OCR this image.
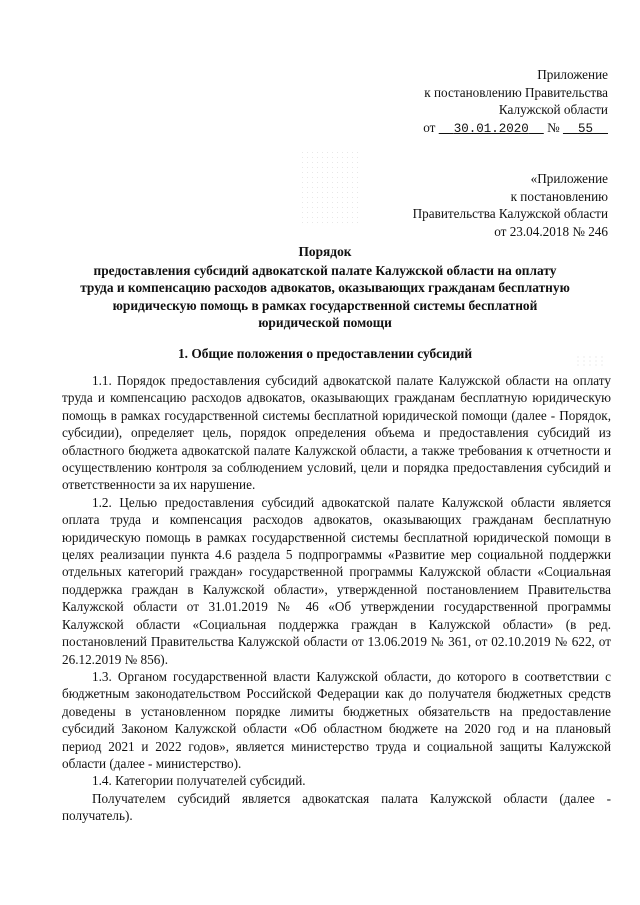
Приложение
к постановлению Правительства
Калужской области
от 30.01.2020 № 55
«Приложение
к постановлению
Правительства Калужской области
от 23.04.2018 № 246
Порядок
предоставления субсидий адвокатской палате Калужской области на оплату
труда и компенсацию расходов адвокатов, оказывающих гражданам бесплатную
юридическую помощь в рамках государственной системы бесплатной
юридической помощи
1. Общие положения о предоставлении субсидий

1.1. Порядок предоставления субсидий адвокатской палате Калужской области на оплату труда и компенсацию расходов адвокатов, оказывающих гражданам бесплатную юридическую помощь в рамках государственной системы бесплатной юридической помощи (далее - Порядок, субсидии), определяет цель, порядок определения объема и предоставления субсидий из областного бюджета адвокатской палате Калужской области, а также требования к отчетности и осуществлению контроля за соблюдением условий, цели и порядка предоставления субсидий и ответственности за их нарушение.

1.2. Целью предоставления субсидий адвокатской палате Калужской области является оплата труда и компенсация расходов адвокатов, оказывающих гражданам бесплатную юридическую помощь в рамках государственной системы бесплатной юридической помощи в целях реализации пункта 4.6 раздела 5 подпрограммы «Развитие мер социальной поддержки отдельных категорий граждан» государственной программы Калужской области «Социальная поддержка граждан в Калужской области», утвержденной постановлением Правительства Калужской области от 31.01.2019 № 46 «Об утверждении государственной программы Калужской области «Социальная поддержка граждан в Калужской области» (в ред. постановлений Правительства Калужской области от 13.06.2019 № 361, от 02.10.2019 № 622, от 26.12.2019 № 856).

1.3. Органом государственной власти Калужской области, до которого в соответствии с бюджетным законодательством Российской Федерации как до получателя бюджетных средств доведены в установленном порядке лимиты бюджетных обязательств на предоставление субсидий Законом Калужской области «Об областном бюджете на 2020 год и на плановый период 2021 и 2022 годов», является министерство труда и социальной защиты Калужской области (далее - министерство).

1.4. Категории получателей субсидий.

Получателем субсидий является адвокатская палата Калужской области (далее - получатель).
